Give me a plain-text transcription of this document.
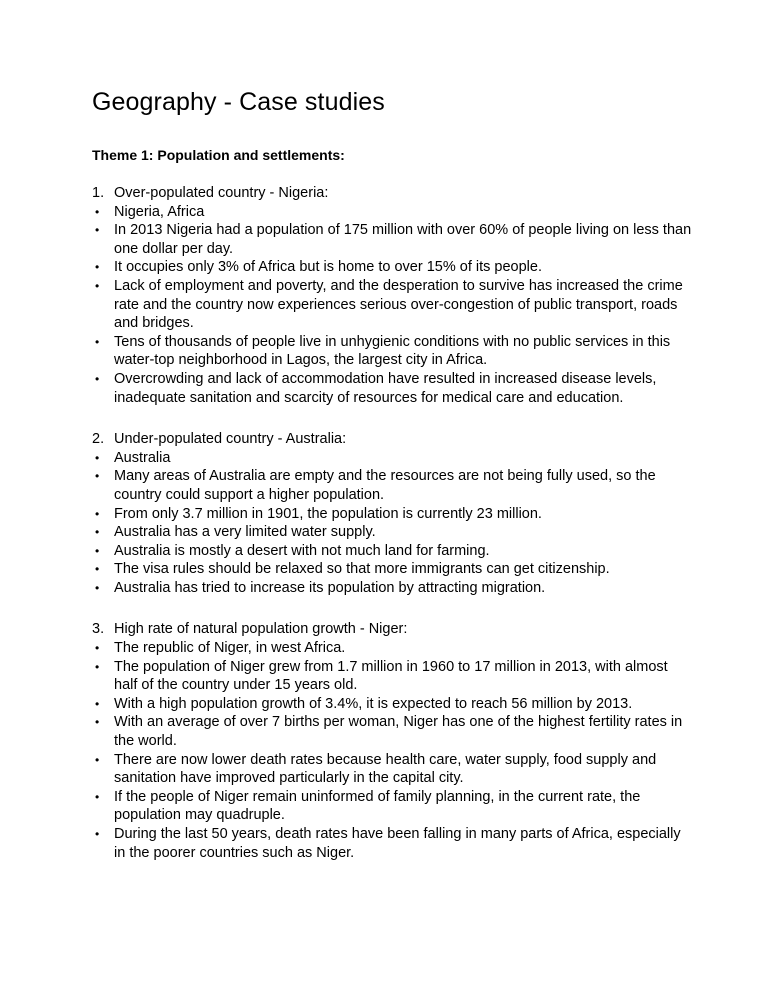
Geography - Case studies
Theme 1: Population and settlements:
1. Over-populated country - Nigeria:
•	Nigeria, Africa
•	In 2013 Nigeria had a population of 175 million with over 60% of people living on less than one dollar per day.
•	It occupies only 3% of Africa but is home to over 15% of its people.
•	Lack of employment and poverty, and the desperation to survive has increased the crime rate and the country now experiences serious over-congestion of public transport, roads and bridges.
•	Tens of thousands of people live in unhygienic conditions with no public services in this water-top neighborhood in Lagos, the largest city in Africa.
•	Overcrowding and lack of accommodation have resulted in increased disease levels, inadequate sanitation and scarcity of resources for medical care and education.
2. Under-populated country - Australia:
•	Australia
•	Many areas of Australia are empty and the resources are not being fully used, so the country could support a higher population.
•	From only 3.7 million in 1901, the population is currently 23 million.
•	Australia has a very limited water supply.
•	Australia is mostly a desert with not much land for farming.
•	The visa rules should be relaxed so that more immigrants can get citizenship.
•	Australia has tried to increase its population by attracting migration.
3. High rate of natural population growth - Niger:
•	The republic of Niger, in west Africa.
•	The population of Niger grew from 1.7 million in 1960 to 17 million in 2013, with almost half of the country under 15 years old.
•	With a high population growth of 3.4%, it is expected to reach 56 million by 2013.
•	With an average of over 7 births per woman, Niger has one of the highest fertility rates in the world.
•	There are now lower death rates because health care, water supply, food supply and sanitation have improved particularly in the capital city.
•	If the people of Niger remain uninformed of family planning, in the current rate, the population may quadruple.
•	During the last 50 years, death rates have been falling in many parts of Africa, especially in the poorer countries such as Niger.
